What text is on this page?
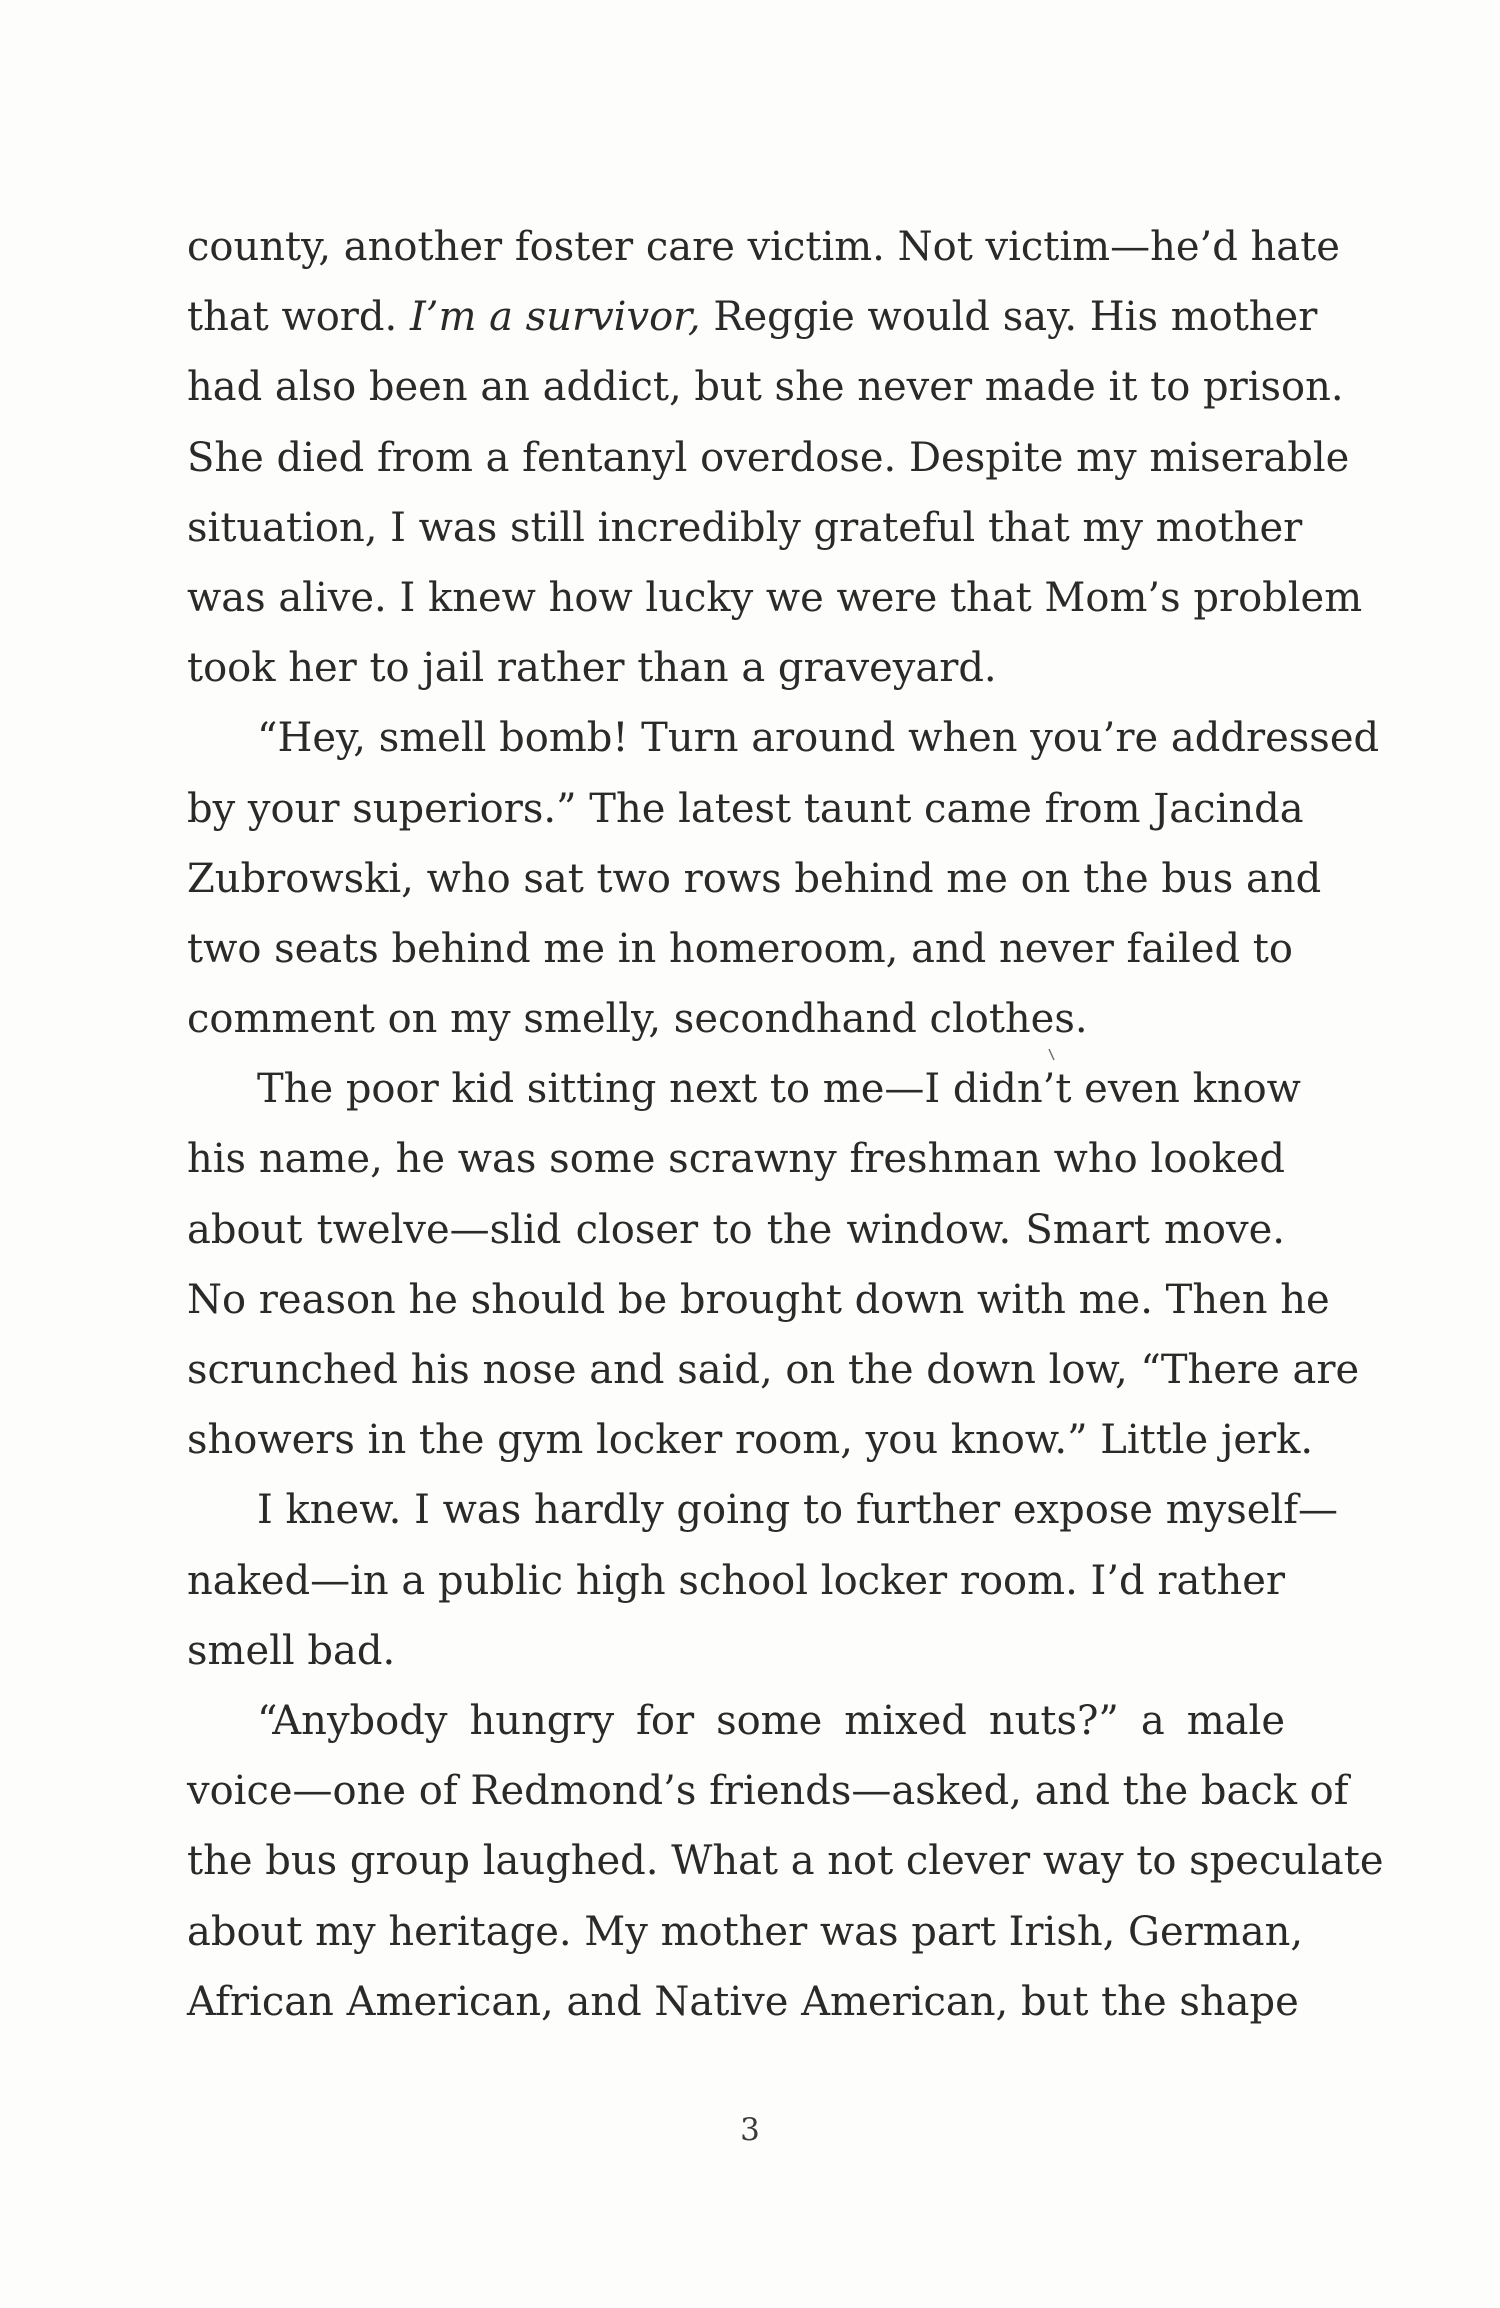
county, another foster care victim. Not victim—he’d hate
that word. I’m a survivor, Reggie would say. His mother
had also been an addict, but she never made it to prison.
She died from a fentanyl overdose. Despite my miserable
situation, I was still incredibly grateful that my mother
was alive. I knew how lucky we were that Mom’s problem
took her to jail rather than a graveyard.
“Hey, smell bomb! Turn around when you’re addressed
by your superiors.” The latest taunt came from Jacinda
Zubrowski, who sat two rows behind me on the bus and
two seats behind me in homeroom, and never failed to
comment on my smelly, secondhand clothes.
The poor kid sitting next to me—I didn’t even know
his name, he was some scrawny freshman who looked
about twelve—slid closer to the window. Smart move.
No reason he should be brought down with me. Then he
scrunched his nose and said, on the down low, “There are
showers in the gym locker room, you know.” Little jerk.
I knew. I was hardly going to further expose myself—
naked—in a public high school locker room. I’d rather
smell bad.
“Anybody hungry for some mixed nuts?” a male
voice—one of Redmond’s friends—asked, and the back of
the bus group laughed. What a not clever way to speculate
about my heritage. My mother was part Irish, German,
African American, and Native American, but the shape
3
